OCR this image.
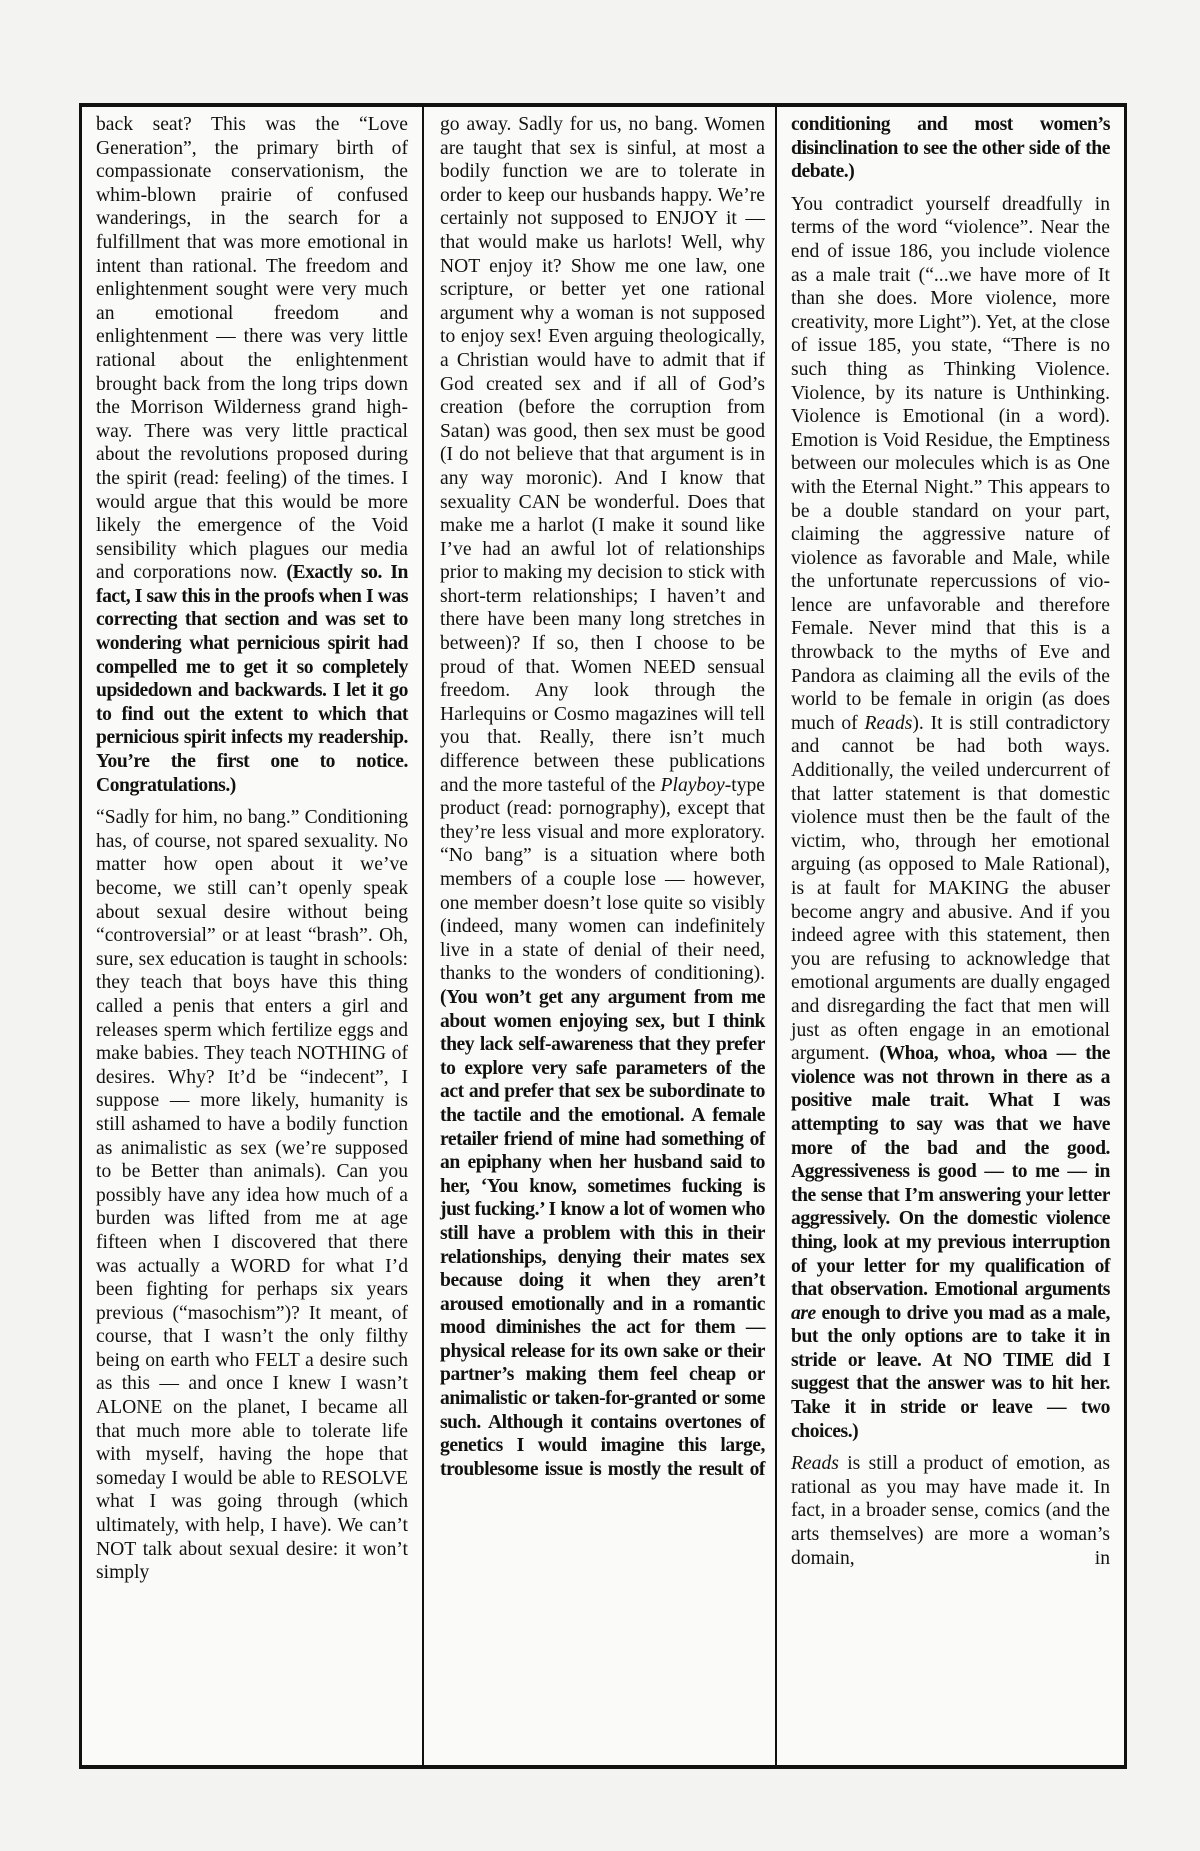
back seat? This was the “Love Generation”, the primary birth of compassionate conservationism, the whim-blown prairie of confused wanderings, in the search for a fulfillment that was more emotional in intent than rational. The freedom and enlightenment sought were very much an emotional freedom and enlightenment — there was very little rational about the enlightenment brought back from the long trips down the Morrison Wilderness grand highway. There was very little practical about the revolutions proposed during the spirit (read: feeling) of the times. I would argue that this would be more likely the emergence of the Void sensibility which plagues our media and corporations now. (Exactly so. In fact, I saw this in the proofs when I was correcting that section and was set to wondering what pernicious spirit had compelled me to get it so completely upsidedown and backwards. I let it go to find out the extent to which that pernicious spirit infects my readership. You’re the first one to notice. Congratulations.)

“Sadly for him, no bang.” Conditioning has, of course, not spared sexuality. No matter how open about it we’ve become, we still can’t openly speak about sexual desire without being “controversial” or at least “brash”. Oh, sure, sex education is taught in schools: they teach that boys have this thing called a penis that enters a girl and releases sperm which fertilize eggs and make babies. They teach NOTHING of desires. Why? It’d be “indecent”, I suppose — more likely, humanity is still ashamed to have a bodily function as animalistic as sex (we’re supposed to be Better than animals). Can you possibly have any idea how much of a burden was lifted from me at age fifteen when I discovered that there was actually a WORD for what I’d been fighting for perhaps six years previous (“masochism”)? It meant, of course, that I wasn’t the only filthy being on earth who FELT a desire such as this — and once I knew I wasn’t ALONE on the planet, I became all that much more able to tolerate life with myself, having the hope that someday I would be able to RESOLVE what I was going through (which ultimately, with help, I have). We can’t NOT talk about sexual desire: it won’t simply

go away. Sadly for us, no bang. Women are taught that sex is sinful, at most a bodily function we are to tolerate in order to keep our husbands happy. We’re certainly not supposed to ENJOY it — that would make us harlots! Well, why NOT enjoy it? Show me one law, one scripture, or better yet one rational argument why a woman is not supposed to enjoy sex! Even arguing theologically, a Christian would have to admit that if God created sex and if all of God’s creation (before the corruption from Satan) was good, then sex must be good (I do not believe that that argument is in any way moronic). And I know that sexuality CAN be wonderful. Does that make me a harlot (I make it sound like I’ve had an awful lot of relationships prior to making my decision to stick with short-term relationships; I haven’t and there have been many long stretches in between)? If so, then I choose to be proud of that. Women NEED sensual freedom. Any look through the Harlequins or Cosmo magazines will tell you that. Really, there isn’t much difference between these publications and the more tasteful of the Playboy-type product (read: pornography), except that they’re less visual and more exploratory. “No bang” is a situation where both members of a couple lose — however, one member doesn’t lose quite so visibly (indeed, many women can indefinitely live in a state of denial of their need, thanks to the wonders of conditioning). (You won’t get any argument from me about women enjoying sex, but I think they lack self-awareness that they prefer to explore very safe parameters of the act and prefer that sex be subordinate to the tactile and the emotional. A female retailer friend of mine had something of an epiphany when her husband said to her, ‘You know, sometimes fucking is just fucking.’ I know a lot of women who still have a problem with this in their relationships, denying their mates sex because doing it when they aren’t aroused emotionally and in a romantic mood diminishes the act for them — physical release for its own sake or their partner’s making them feel cheap or animalistic or taken-for-granted or some such. Although it contains overtones of genetics I would imagine this large, troublesome issue is mostly the result of

conditioning and most women’s disinclination to see the other side of the debate.)

You contradict yourself dreadfully in terms of the word “violence”. Near the end of issue 186, you include violence as a male trait (“...we have more of It than she does. More violence, more creativity, more Light”). Yet, at the close of issue 185, you state, “There is no such thing as Thinking Violence. Violence, by its nature is Unthinking. Violence is Emotional (in a word). Emotion is Void Residue, the Emptiness between our molecules which is as One with the Eternal Night.” This appears to be a double standard on your part, claiming the aggressive nature of violence as favorable and Male, while the unfortunate repercussions of violence are unfavorable and therefore Female. Never mind that this is a throwback to the myths of Eve and Pandora as claiming all the evils of the world to be female in origin (as does much of Reads). It is still contradictory and cannot be had both ways. Additionally, the veiled undercurrent of that latter statement is that domestic violence must then be the fault of the victim, who, through her emotional arguing (as opposed to Male Rational), is at fault for MAKING the abuser become angry and abusive. And if you indeed agree with this statement, then you are refusing to acknowledge that emotional arguments are dually engaged and disregarding the fact that men will just as often engage in an emotional argument. (Whoa, whoa, whoa — the violence was not thrown in there as a positive male trait. What I was attempting to say was that we have more of the bad and the good. Aggressiveness is good — to me — in the sense that I’m answering your letter aggressively. On the domestic violence thing, look at my previous interruption of your letter for my qualification of that observation. Emotional arguments are enough to drive you mad as a male, but the only options are to take it in stride or leave. At NO TIME did I suggest that the answer was to hit her. Take it in stride or leave — two choices.)

Reads is still a product of emotion, as rational as you may have made it. In fact, in a broader sense, comics (and the arts themselves) are more a woman’s domain, in
